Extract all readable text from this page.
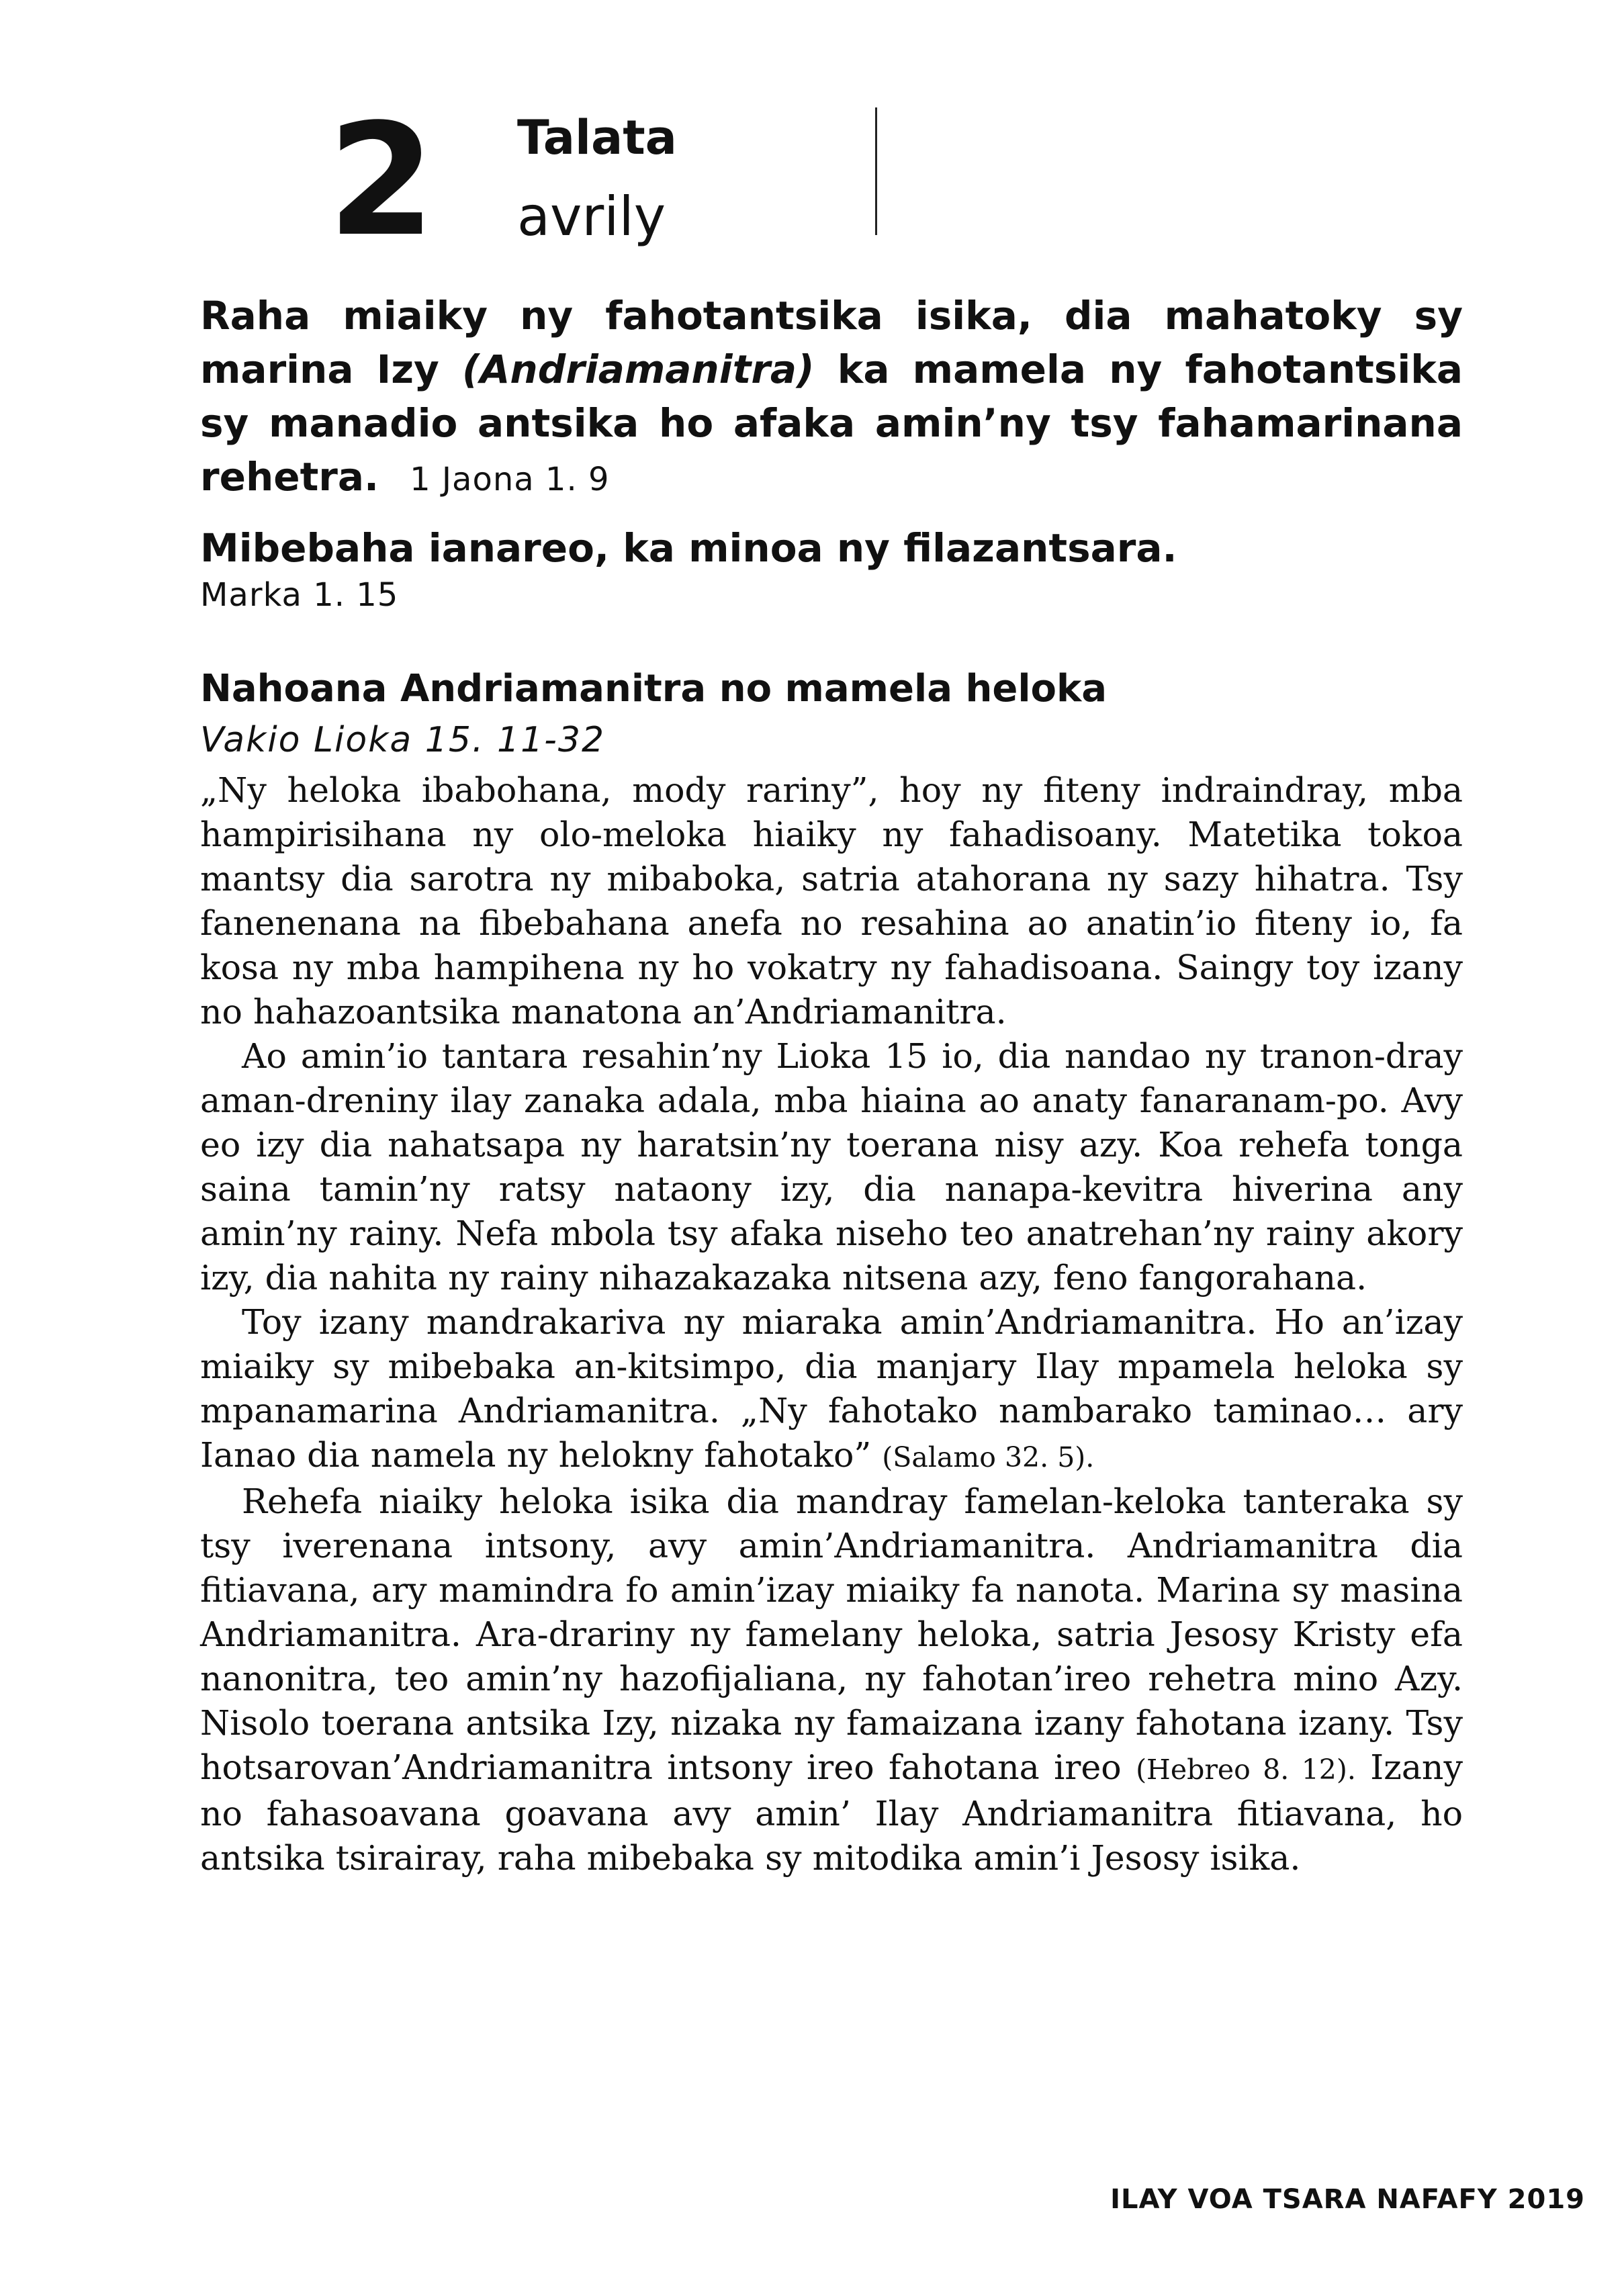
2 Talata
avrily

Raha miaiky ny fahotantsika isika, dia mahatoky sy marina Izy (Andriamanitra) ka mamela ny fahotantsika sy manadio antsika ho afaka amin’ny tsy fahamarinana rehetra. 1 Jaona 1. 9

Mibebaha ianareo, ka minoa ny filazantsara.

Marka 1. 15

Nahoana Andriamanitra no mamela heloka

Vakio Lioka 15. 11-32

„Ny heloka ibabohana, mody rariny”, hoy ny fiteny indraindray, mba hampirisihana ny olo-meloka hiaiky ny fahadisoany. Matetika tokoa mantsy dia sarotra ny mibaboka, satria atahorana ny sazy hihatra. Tsy fanenenana na fibebahana anefa no resahina ao anatin’io fiteny io, fa kosa ny mba hampihena ny ho vokatry ny fahadisoana. Saingy toy izany no hahazoantsika manatona an’Andriamanitra.

Ao amin’io tantara resahin’ny Lioka 15 io, dia nandao ny tranon-dray aman-dreniny ilay zanaka adala, mba hiaina ao anaty fanaranam-po. Avy eo izy dia nahatsapa ny haratsin’ny toerana nisy azy. Koa rehefa tonga saina tamin’ny ratsy nataony izy, dia nanapa-kevitra hiverina any amin’ny rainy. Nefa mbola tsy afaka niseho teo anatrehan’ny rainy akory izy, dia nahita ny rainy nihazakazaka nitsena azy, feno fangorahana.

Toy izany mandrakariva ny miaraka amin’Andriamanitra. Ho an’izay miaiky sy mibebaka an-kitsimpo, dia manjary Ilay mpamela heloka sy mpanamarina Andriamanitra. „Ny fahotako nambarako taminao… ary Ianao dia namela ny helokny fahotako” (Salamo 32. 5).

Rehefa niaiky heloka isika dia mandray famelan-keloka tanteraka sy tsy iverenana intsony, avy amin’Andriamanitra. Andriamanitra dia fitiavana, ary mamindra fo amin’izay miaiky fa nanota. Marina sy masina Andriamanitra. Ara-drariny ny famelany heloka, satria Jesosy Kristy efa nanonitra, teo amin’ny hazofijaliana, ny fahotan’ireo rehetra mino Azy. Nisolo toerana antsika Izy, nizaka ny famaizana izany fahotana izany. Tsy hotsarovan’Andriamanitra intsony ireo fahotana ireo (Hebreo 8. 12). Izany no fahasoavana goavana avy amin’ Ilay Andriamanitra fitiavana, ho antsika tsirairay, raha mibebaka sy mitodika amin’i Jesosy isika.

ILAY VOA TSARA NAFAFY 2019
